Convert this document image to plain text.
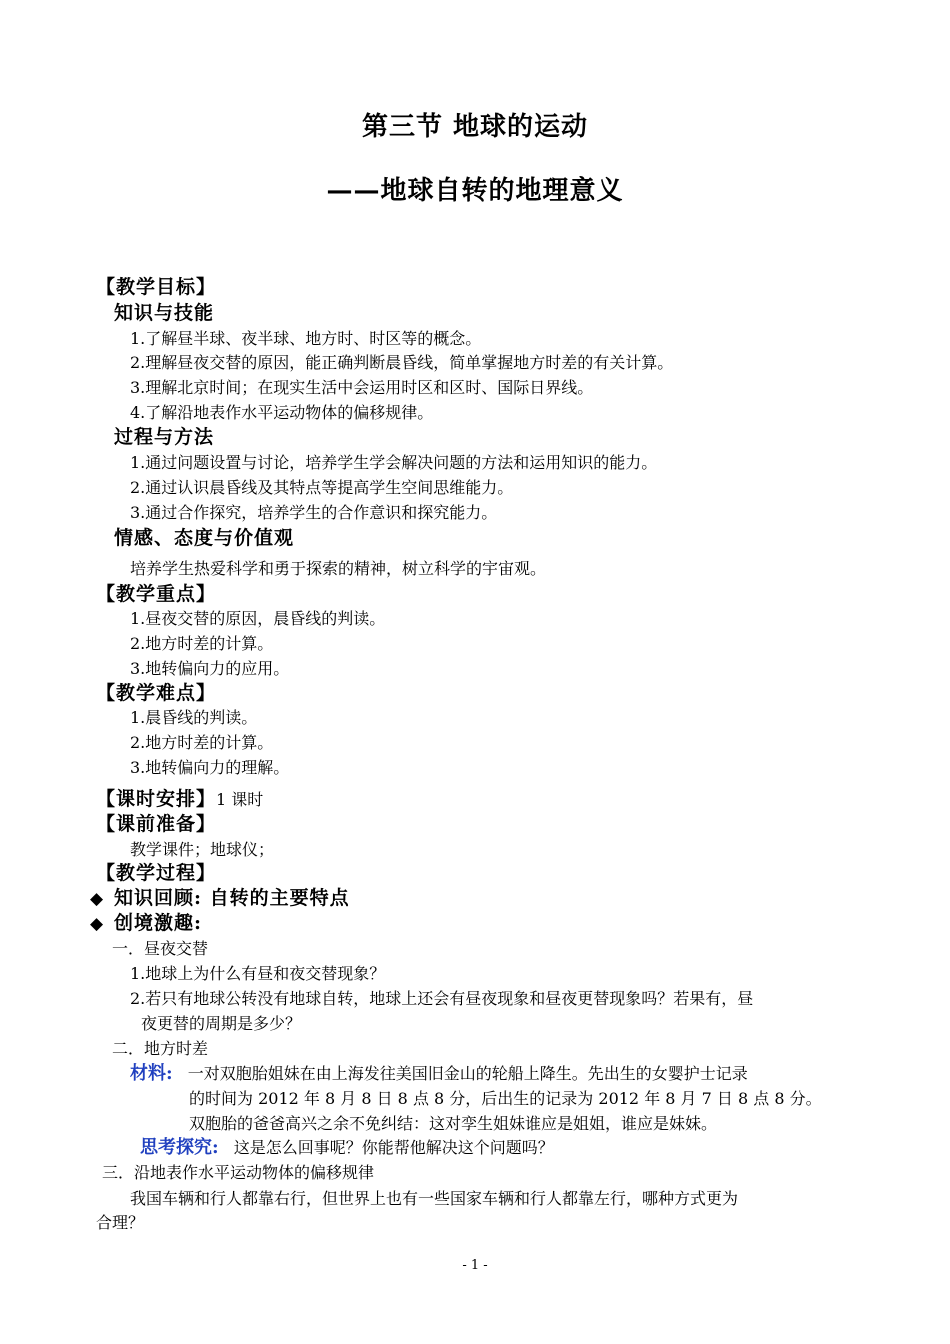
第三节 地球的运动
——地球自转的地理意义
【教学目标】
知识与技能
1.了解昼半球、夜半球、地方时、时区等的概念。
2.理解昼夜交替的原因，能正确判断晨昏线，简单掌握地方时差的有关计算。
3.理解北京时间；在现实生活中会运用时区和区时、国际日界线。
4.了解沿地表作水平运动物体的偏移规律。
过程与方法
1.通过问题设置与讨论，培养学生学会解决问题的方法和运用知识的能力。
2.通过认识晨昏线及其特点等提高学生空间思维能力。
3.通过合作探究，培养学生的合作意识和探究能力。
情感、态度与价值观
培养学生热爱科学和勇于探索的精神，树立科学的宇宙观。
【教学重点】
1.昼夜交替的原因，晨昏线的判读。
2.地方时差的计算。
3.地转偏向力的应用。
【教学难点】
1.晨昏线的判读。
2.地方时差的计算。
3.地转偏向力的理解。
【课时安排】1 课时
【课前准备】
教学课件；地球仪；
【教学过程】
◆ 知识回顾: 自转的主要特点
◆ 创境激趣:
一．昼夜交替
1.地球上为什么有昼和夜交替现象？
2.若只有地球公转没有地球自转，地球上还会有昼夜现象和昼夜更替现象吗？若果有，昼
夜更替的周期是多少？
二．地方时差
材料: 一对双胞胎姐妹在由上海发往美国旧金山的轮船上降生。先出生的女婴护士记录
的时间为 2012 年 8 月 8 日 8 点 8 分，后出生的记录为 2012 年 8 月 7 日 8 点 8 分。
双胞胎的爸爸高兴之余不免纠结：这对孪生姐妹谁应是姐姐，谁应是妹妹。
思考探究: 这是怎么回事呢？你能帮他解决这个问题吗？
三．沿地表作水平运动物体的偏移规律
我国车辆和行人都靠右行，但世界上也有一些国家车辆和行人都靠左行，哪种方式更为
合理？
- 1 -
